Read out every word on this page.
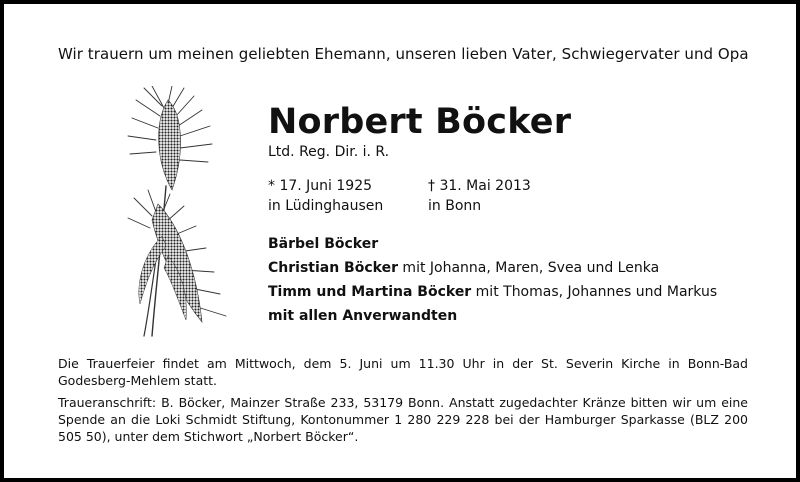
Wir trauern um meinen geliebten Ehemann, unseren lieben Vater, Schwiegervater und Opa
Norbert Böcker
Ltd. Reg. Dir. i. R.
* 17. Juni 1925
in Lüdinghausen
† 31. Mai 2013
in Bonn
Bärbel Böcker
Christian Böcker mit Johanna, Maren, Svea und Lenka
Timm und Martina Böcker mit Thomas, Johannes und Markus
mit allen Anverwandten
Die Trauerfeier findet am Mittwoch, dem 5. Juni um 11.30 Uhr in der St. Severin Kirche in Bonn-Bad Godesberg-Mehlem statt.
Traueranschrift: B. Böcker, Mainzer Straße 233, 53179 Bonn. Anstatt zugedachter Kränze bitten wir um eine Spende an die Loki Schmidt Stiftung, Kontonummer 1 280 229 228 bei der Hamburger Sparkasse (BLZ 200 505 50), unter dem Stichwort „Norbert Böcker“.
